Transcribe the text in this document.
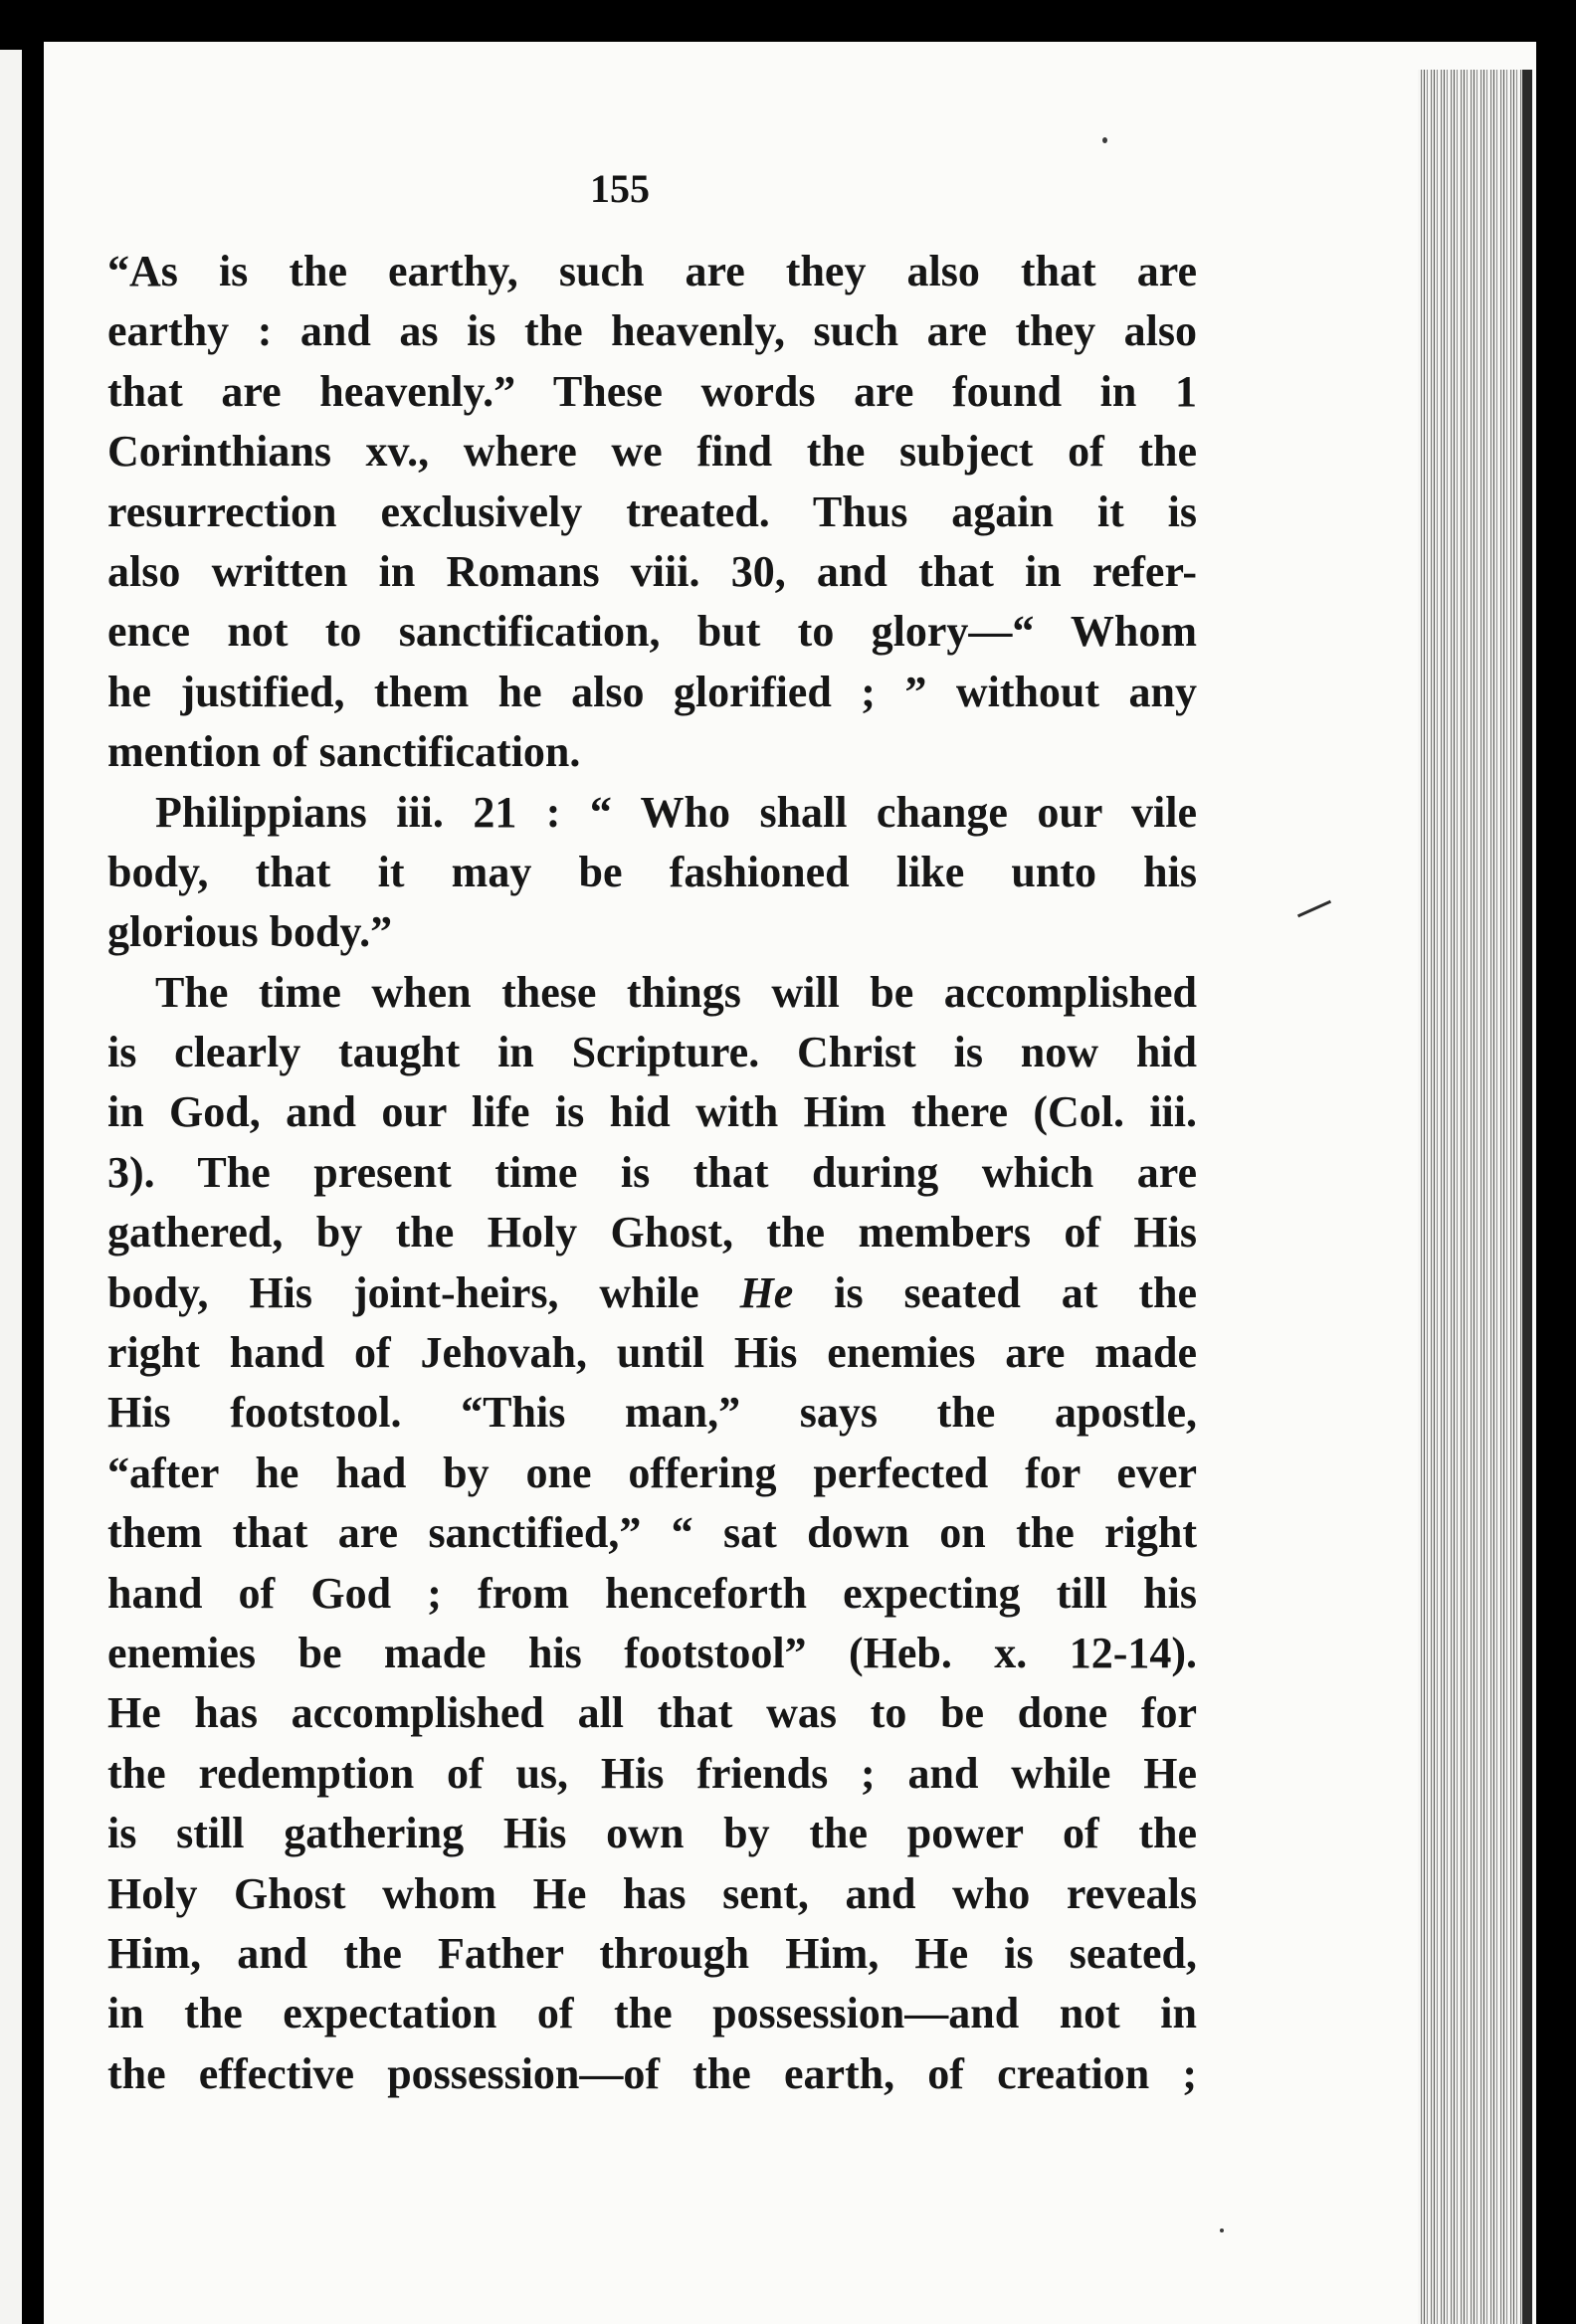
155
“As is the earthy, such are they also that are
earthy : and as is the heavenly, such are they also
that are heavenly.” These words are found in 1
Corinthians xv., where we find the subject of the
resurrection exclusively treated. Thus again it is
also written in Romans viii. 30, and that in refer-
ence not to sanctification, but to glory—“ Whom
he justified, them he also glorified ; ” without any
mention of sanctification.
Philippians iii. 21 : “ Who shall change our vile
body, that it may be fashioned like unto his
glorious body.”
The time when these things will be accomplished
is clearly taught in Scripture. Christ is now hid
in God, and our life is hid with Him there (Col. iii.
3). The present time is that during which are
gathered, by the Holy Ghost, the members of His
body, His joint-heirs, while He is seated at the
right hand of Jehovah, until His enemies are made
His footstool. “This man,” says the apostle,
“after he had by one offering perfected for ever
them that are sanctified,” “ sat down on the right
hand of God ; from henceforth expecting till his
enemies be made his footstool” (Heb. x. 12-14).
He has accomplished all that was to be done for
the redemption of us, His friends ; and while He
is still gathering His own by the power of the
Holy Ghost whom He has sent, and who reveals
Him, and the Father through Him, He is seated,
in the expectation of the possession—and not in
the effective possession—of the earth, of creation ;
